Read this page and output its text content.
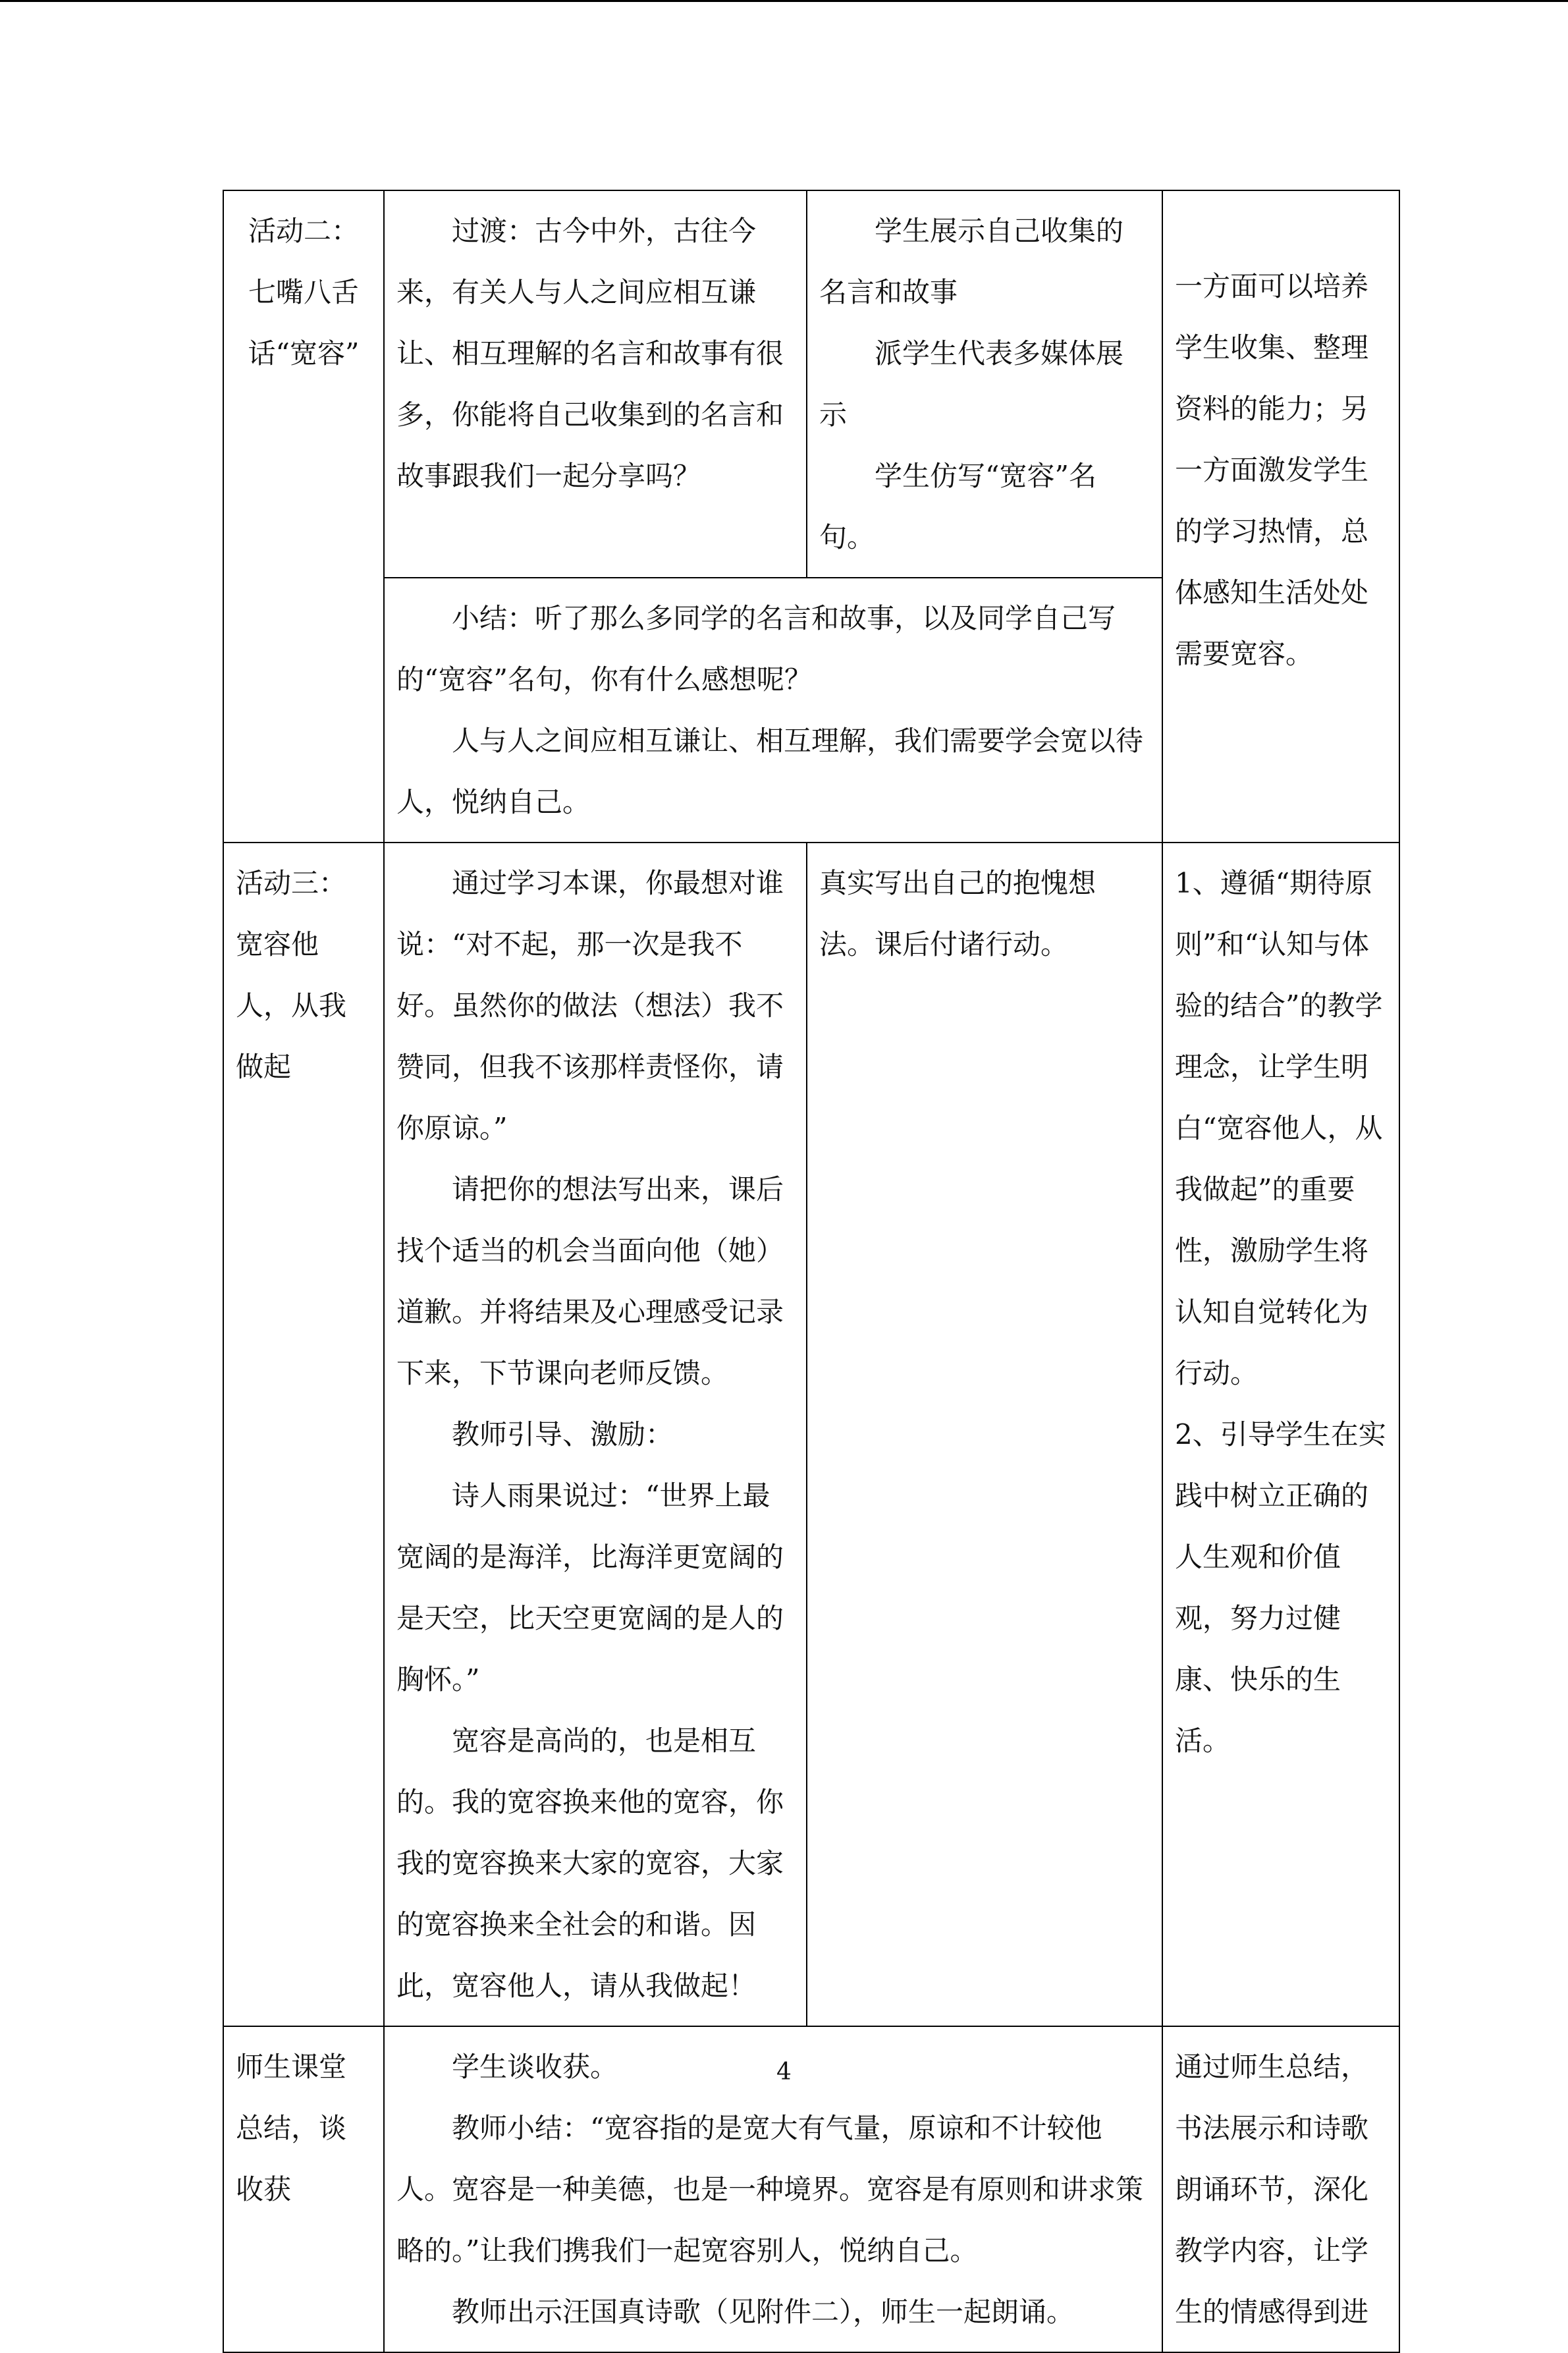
活动二：七嘴八舌话“宽容”	过渡：古今中外，古往今来，有关人与人之间应相互谦让、相互理解的名言和故事有很多，你能将自己收集到的名言和故事跟我们一起分享吗？	学生展示自己收集的名言和故事
派学生代表多媒体展示
学生仿写“宽容”名句。	一方面可以培养学生收集、整理资料的能力；另一方面激发学生的学习热情，总体感知生活处处需要宽容。

	小结：听了那么多同学的名言和故事，以及同学自己写的“宽容”名句，你有什么感想呢？
人与人之间应相互谦让、相互理解，我们需要学会宽以待人，悦纳自己。		

活动三：宽容他人，从我做起	通过学习本课，你最想对谁说：“对不起，那一次是我不好。虽然你的做法（想法）我不赞同，但我不该那样责怪你，请你原谅。”
请把你的想法写出来，课后找个适当的机会当面向他（她）道歉。并将结果及心理感受记录下来，下节课向老师反馈。
教师引导、激励：
诗人雨果说过：“世界上最宽阔的是海洋，比海洋更宽阔的是天空，比天空更宽阔的是人的胸怀。”
宽容是高尚的，也是相互的。我的宽容换来他的宽容，你我的宽容换来大家的宽容，大家的宽容换来全社会的和谐。因此，宽容他人，请从我做起！	真实写出自己的抱愧想法。课后付诸行动。	1、遵循“期待原则”和“认知与体验的结合”的教学理念，让学生明白“宽容他人，从我做起”的重要性，激励学生将认知自觉转化为行动。
2、引导学生在实践中树立正确的人生观和价值观，努力过健康、快乐的生活。

师生课堂总结，谈收获	学生谈收获。
教师小结：“宽容指的是宽大有气量，原谅和不计较他人。宽容是一种美德，也是一种境界。宽容是有原则和讲求策略的。”让我们携我们一起宽容别人，悦纳自己。
教师出示汪国真诗歌（见附件二），师生一起朗诵。		通过师生总结，书法展示和诗歌朗诵环节，深化教学内容，让学生的情感得到进
4
